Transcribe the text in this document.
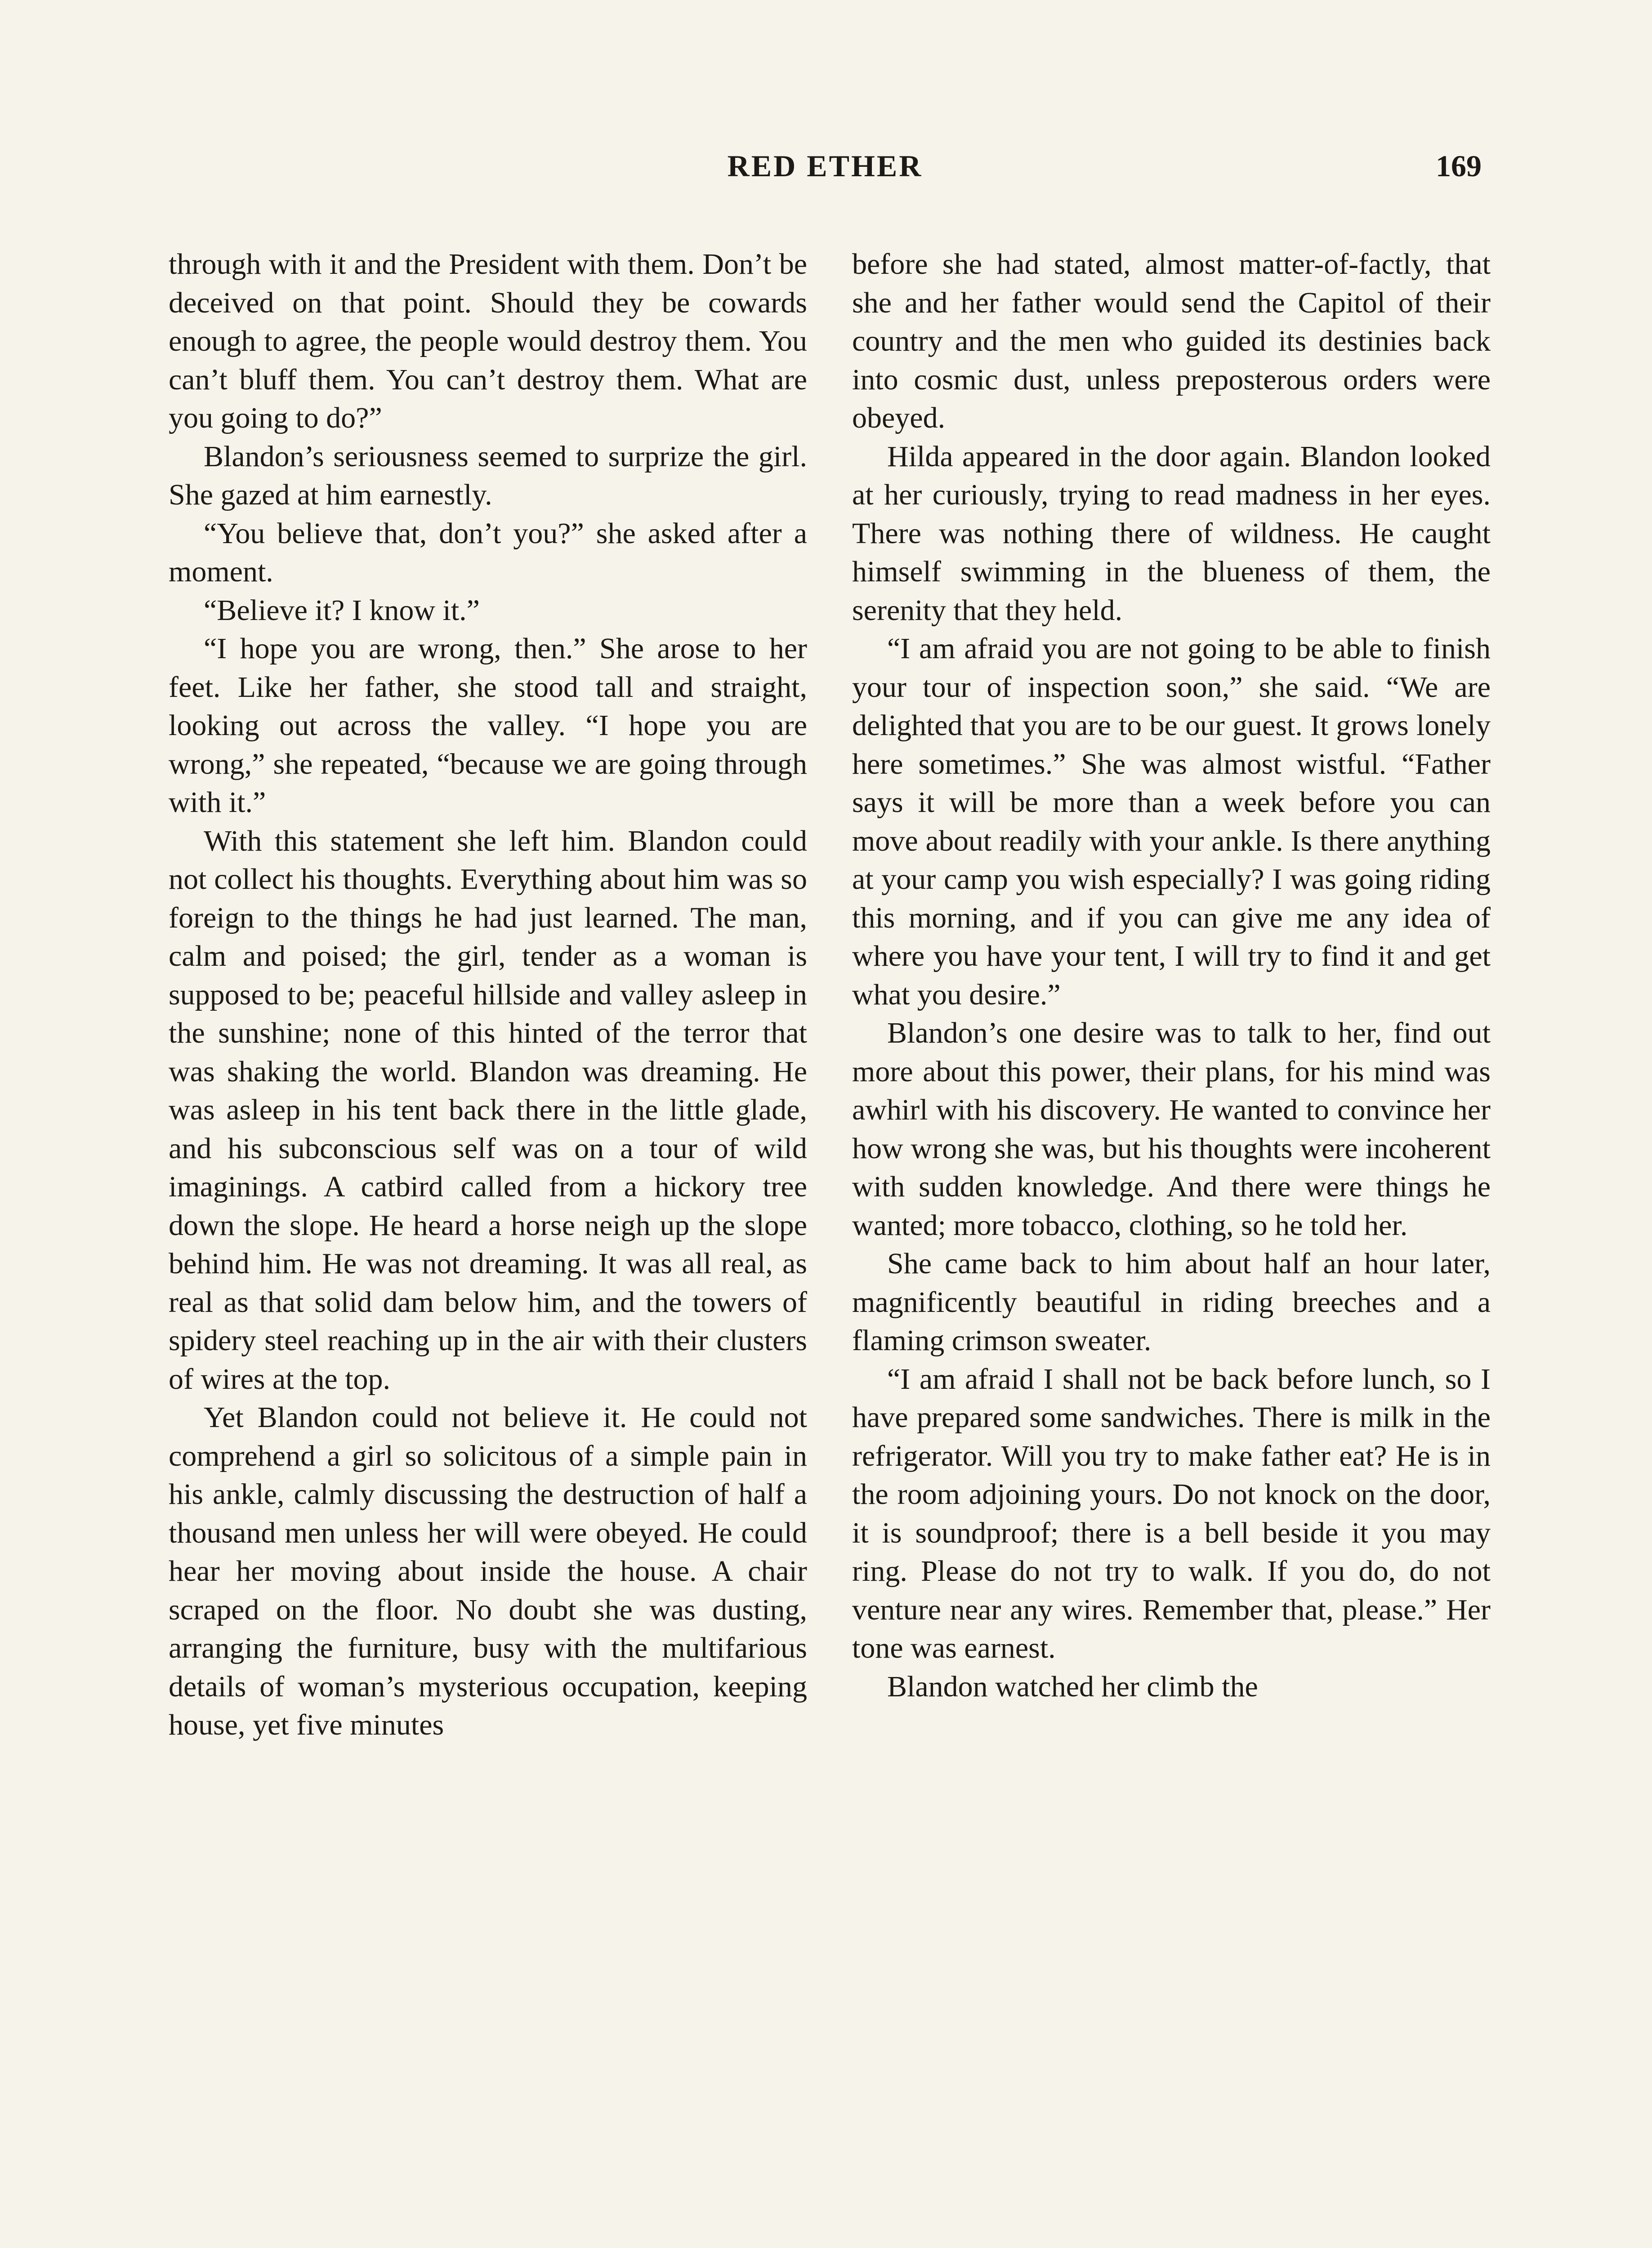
RED ETHER	169

through with it and the President with them. Don’t be deceived on that point. Should they be cowards enough to agree, the people would destroy them. You can’t bluff them. You can’t destroy them. What are you going to do?”

Blandon’s seriousness seemed to surprize the girl. She gazed at him earnestly.

“You believe that, don’t you?” she asked after a moment.

“Believe it? I know it.”

“I hope you are wrong, then.” She arose to her feet. Like her father, she stood tall and straight, looking out across the valley. “I hope you are wrong,” she repeated, “because we are going through with it.”

With this statement she left him. Blandon could not collect his thoughts. Everything about him was so foreign to the things he had just learned. The man, calm and poised; the girl, tender as a woman is supposed to be; peaceful hillside and valley asleep in the sunshine; none of this hinted of the terror that was shaking the world. Blandon was dreaming. He was asleep in his tent back there in the little glade, and his subconscious self was on a tour of wild imaginings. A catbird called from a hickory tree down the slope. He heard a horse neigh up the slope behind him. He was not dreaming. It was all real, as real as that solid dam below him, and the towers of spidery steel reaching up in the air with their clusters of wires at the top.

Yet Blandon could not believe it. He could not comprehend a girl so solicitous of a simple pain in his ankle, calmly discussing the destruction of half a thousand men unless her will were obeyed. He could hear her moving about inside the house. A chair scraped on the floor. No doubt she was dusting, arranging the furniture, busy with the multifarious details of woman’s mysterious occupation, keeping house, yet five minutes

before she had stated, almost matter-of-factly, that she and her father would send the Capitol of their country and the men who guided its destinies back into cosmic dust, unless preposterous orders were obeyed.

Hilda appeared in the door again. Blandon looked at her curiously, trying to read madness in her eyes. There was nothing there of wildness. He caught himself swimming in the blueness of them, the serenity that they held.

“I am afraid you are not going to be able to finish your tour of inspection soon,” she said. “We are delighted that you are to be our guest. It grows lonely here sometimes.” She was almost wistful. “Father says it will be more than a week before you can move about readily with your ankle. Is there anything at your camp you wish especially? I was going riding this morning, and if you can give me any idea of where you have your tent, I will try to find it and get what you desire.”

Blandon’s one desire was to talk to her, find out more about this power, their plans, for his mind was awhirl with his discovery. He wanted to convince her how wrong she was, but his thoughts were incoherent with sudden knowledge. And there were things he wanted; more tobacco, clothing, so he told her.

She came back to him about half an hour later, magnificently beautiful in riding breeches and a flaming crimson sweater.

“I am afraid I shall not be back before lunch, so I have prepared some sandwiches. There is milk in the refrigerator. Will you try to make father eat? He is in the room adjoining yours. Do not knock on the door, it is soundproof; there is a bell beside it you may ring. Please do not try to walk. If you do, do not venture near any wires. Remember that, please.” Her tone was earnest.

Blandon watched her climb the
